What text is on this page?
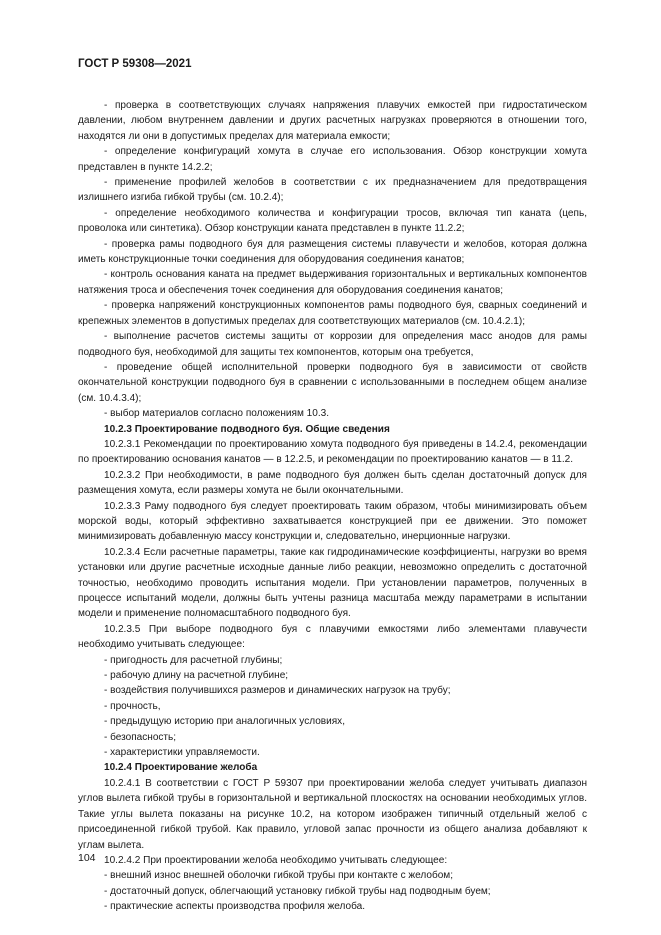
ГОСТ Р 59308—2021

- проверка в соответствующих случаях напряжения плавучих емкостей при гидростатическом давлении, любом внутреннем давлении и других расчетных нагрузках проверяются в отношении того, находятся ли они в допустимых пределах для материала емкости;

- определение конфигураций хомута в случае его использования. Обзор конструкции хомута представлен в пункте 14.2.2;

- применение профилей желобов в соответствии с их предназначением для предотвращения излишнего изгиба гибкой трубы (см. 10.2.4);

- определение необходимого количества и конфигурации тросов, включая тип каната (цепь, проволока или синтетика). Обзор конструкции каната представлен в пункте 11.2.2;

- проверка рамы подводного буя для размещения системы плавучести и желобов, которая должна иметь конструкционные точки соединения для оборудования соединения канатов;

- контроль основания каната на предмет выдерживания горизонтальных и вертикальных компонентов натяжения троса и обеспечения точек соединения для оборудования соединения канатов;

- проверка напряжений конструкционных компонентов рамы подводного буя, сварных соединений и крепежных элементов в допустимых пределах для соответствующих материалов (см. 10.4.2.1);

- выполнение расчетов системы защиты от коррозии для определения масс анодов для рамы подводного буя, необходимой для защиты тех компонентов, которым она требуется,

- проведение общей исполнительной проверки подводного буя в зависимости от свойств окончательной конструкции подводного буя в сравнении с использованными в последнем общем анализе (см. 10.4.3.4);

- выбор материалов согласно положениям 10.3.

10.2.3 Проектирование подводного буя. Общие сведения

10.2.3.1 Рекомендации по проектированию хомута подводного буя приведены в 14.2.4, рекомендации по проектированию основания канатов — в 12.2.5, и рекомендации по проектированию канатов — в 11.2.

10.2.3.2 При необходимости, в раме подводного буя должен быть сделан достаточный допуск для размещения хомута, если размеры хомута не были окончательными.

10.2.3.3 Раму подводного буя следует проектировать таким образом, чтобы минимизировать объем морской воды, который эффективно захватывается конструкцией при ее движении. Это поможет минимизировать добавленную массу конструкции и, следовательно, инерционные нагрузки.

10.2.3.4 Если расчетные параметры, такие как гидродинамические коэффициенты, нагрузки во время установки или другие расчетные исходные данные либо реакции, невозможно определить с достаточной точностью, необходимо проводить испытания модели. При установлении параметров, полученных в процессе испытаний модели, должны быть учтены разница масштаба между параметрами в испытании модели и применение полномасштабного подводного буя.

10.2.3.5 При выборе подводного буя с плавучими емкостями либо элементами плавучести необходимо учитывать следующее:

- пригодность для расчетной глубины;

- рабочую длину на расчетной глубине;

- воздействия получившихся размеров и динамических нагрузок на трубу;

- прочность,

- предыдущую историю при аналогичных условиях,

- безопасность;

- характеристики управляемости.

10.2.4 Проектирование желоба

10.2.4.1 В соответствии с ГОСТ Р 59307 при проектировании желоба следует учитывать диапазон углов вылета гибкой трубы в горизонтальной и вертикальной плоскостях на основании необходимых углов. Такие углы вылета показаны на рисунке 10.2, на котором изображен типичный отдельный желоб с присоединенной гибкой трубой. Как правило, угловой запас прочности из общего анализа добавляют к углам вылета.

10.2.4.2 При проектировании желоба необходимо учитывать следующее:

- внешний износ внешней оболочки гибкой трубы при контакте с желобом;

- достаточный допуск, облегчающий установку гибкой трубы над подводным буем;

- практические аспекты производства профиля желоба.

104
